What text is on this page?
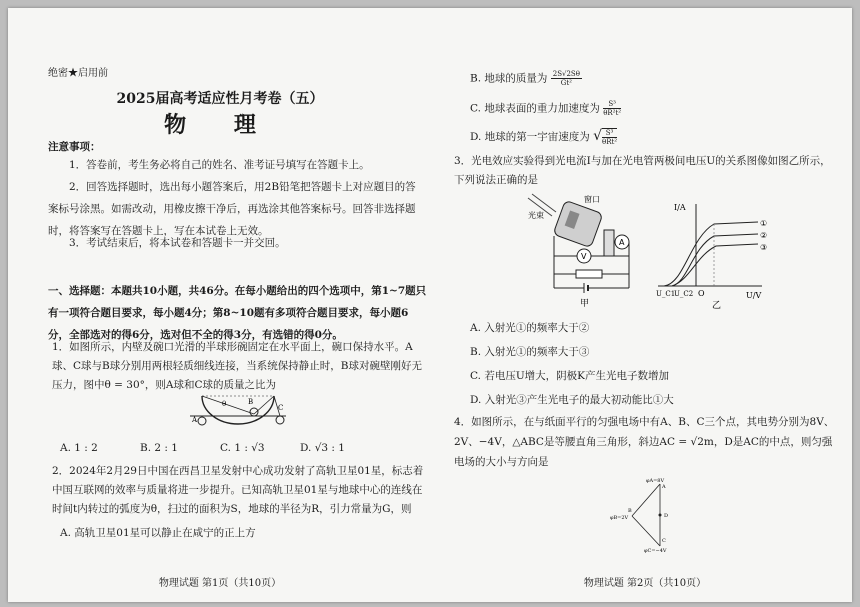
绝密★启用前
2025届高考适应性月考卷（五）
物 理
注意事项：
1．答卷前，考生务必将自己的姓名、准考证号填写在答题卡上。
2．回答选择题时，选出每小题答案后，用2B铅笔把答题卡上对应题目的答案标号涂黑。如需改动，用橡皮擦干净后，再选涂其他答案标号。回答非选择题时，将答案写在答题卡上，写在本试卷上无效。
3．考试结束后，将本试卷和答题卡一并交回。
一、选择题：本题共10小题，共46分。在每小题给出的四个选项中，第1~7题只有一项符合题目要求，每小题4分；第8~10题有多项符合题目要求，每小题6分，全部选对的得6分，选对但不全的得3分，有选错的得0分。
1．如图所示，内壁及碗口光滑的半球形碗固定在水平面上，碗口保持水平。A球、C球与B球分别用两根轻质细线连接，当系统保持静止时，B球对碗壁刚好无压力，图中θ = 30°，则A球和C球的质量之比为
A
θ	B
C
A. 1 : 2	B. 2 : 1	C. 1 : √3	D. √3 : 1
2．2024年2月29日中国在西昌卫星发射中心成功发射了高轨卫星01星，标志着中国互联网的效率与质量将进一步提升。已知高轨卫星01星与地球中心的连线在时间t内转过的弧度为θ，扫过的面积为S，地球的半径为R，引力常量为G，则
A. 高轨卫星01星可以静止在咸宁的正上方
物理试题 第1页（共10页）
B. 地球的质量为 $\frac{2S√2S\theta}{\text{Gt²}}$
C. 地球表面的重力加速度为 $\frac{\text{S³}}{\text{θR²t²}}$
D. 地球的第一宇宙速度为 √ $\frac{\text{S³}}{\text{θRt²}}$
3．光电效应实验得到光电流I与加在光电管两极间电压U的关系图像如图乙所示，下列说法正确的是
A
V
光束
窗口
甲
I/A
U/V
O
U_C1
U_C2
①
②
③
乙
A. 入射光①的频率大于②
B. 入射光①的频率大于③
C. 若电压U增大，阴极K产生光电子数增加
D. 入射光③产生光电子的最大初动能比①大
4．如图所示，在与纸面平行的匀强电场中有A、B、C三个点，其电势分别为8V、2V、−4V，△ABC是等腰直角三角形，斜边AC = √2m，D是AC的中点，则匀强电场的大小与方向是
φA=8V
A
φB=2V
B
D
C
φC=−4V
物理试题 第2页（共10页）
